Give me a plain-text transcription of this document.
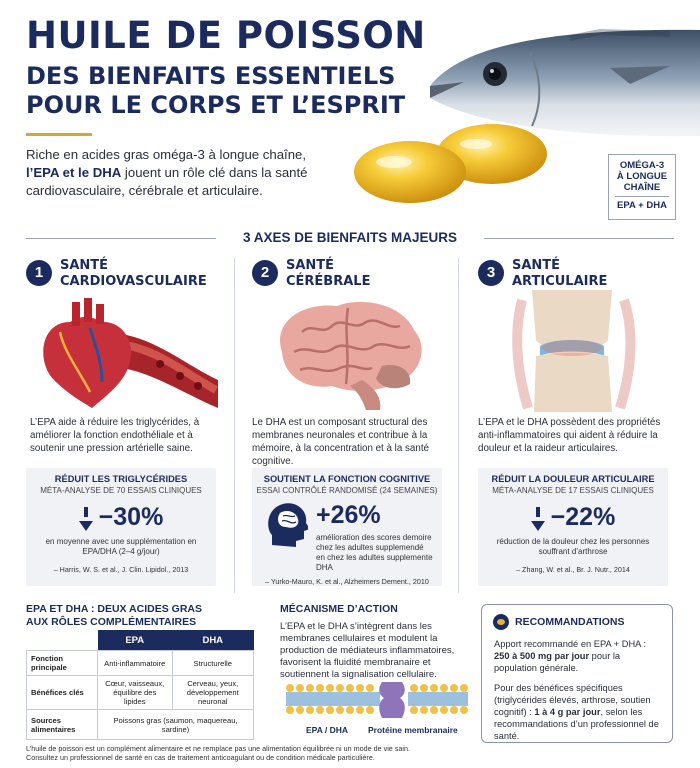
HUILE DE POISSON
DES BIENFAITS ESSENTIELS
POUR LE CORPS ET L’ESPRIT
Riche en acides gras oméga-3 à longue chaîne,
l’EPA et le DHA jouent un rôle clé dans la santé cardiovasculaire, cérébrale et articulaire.
OMÉGA-3
À LONGUE
CHAÎNE
EPA + DHA
3 AXES DE BIENFAITS MAJEURS
1	SANTÉ
CARDIOVASCULAIRE
L’EPA aide à réduire les triglycérides, à améliorer la fonction endothéliale et à soutenir une pression artérielle saine.
RÉDUIT LES TRIGLYCÉRIDES
MÉTA-ANALYSE DE 70 ESSAIS CLINIQUES
−30%
en moyenne avec une supplémentation en EPA/DHA (2–4 g/jour)
– Harris, W. S. et al., J. Clin. Lipidol., 2013
2	SANTÉ
CÉRÉBRALE
Le DHA est un composant structural des membranes neuronales et contribue à la mémoire, à la concentration et à la santé cognitive.
SOUTIENT LA FONCTION COGNITIVE
ESSAI CONTRÔLÉ RANDOMISÉ (24 SEMAINES)
+26%
amélioration des scores demoire chez les adultes supplemendé en chez les adultes supplemente DHA
– Yurko-Mauro, K. et al., Alzheimers Dement., 2010
3	SANTÉ
ARTICULAIRE
L’EPA et le DHA possèdent des propriétés anti-inflammatoires qui aident à réduire la douleur et la raideur articulaires.
RÉDUIT LA DOULEUR ARTICULAIRE
MÉTA-ANALYSE DE 17 ESSAIS CLINIQUES
−22%
réduction de la douleur chez les personnes souffrant d’arthrose
– Zhang, W. et al., Br. J. Nutr., 2014
EPA ET DHA : DEUX ACIDES GRAS
AUX RÔLES COMPLÉMENTAIRES
	EPA	DHA
Fonction principale	Anti-inflammatoire	Structurelle
Bénéfices clés	Cœur, vaisseaux, équilibre des lipides	Cerveau, yeux, développement neuronal
Sources alimentaires	Poissons gras (saumon, maquereau, sardine)	
MÉCANISME D’ACTION

L’EPA et le DHA s’intègrent dans les membranes cellulaires et modulent la production de médiateurs inflammatoires, favorisent la fluidité membranaire et soutiennent la signalisation cellulaire.

EPA / DHA Protéine membranaire
RECOMMANDATIONS

Apport recommandé en EPA + DHA :
250 à 500 mg par jour pour la population générale.

Pour des bénéfices spécifiques (triglycérides élevés, arthrose, soutien cognitif) : 1 à 4 g par jour, selon les recommandations d’un professionnel de santé.

L’huile de poisson est un complément alimentaire et ne remplace pas une alimentation équilibrée ni un mode de vie sain.
Consultez un professionnel de santé en cas de traitement anticoagulant ou de condition médicale particulière.
